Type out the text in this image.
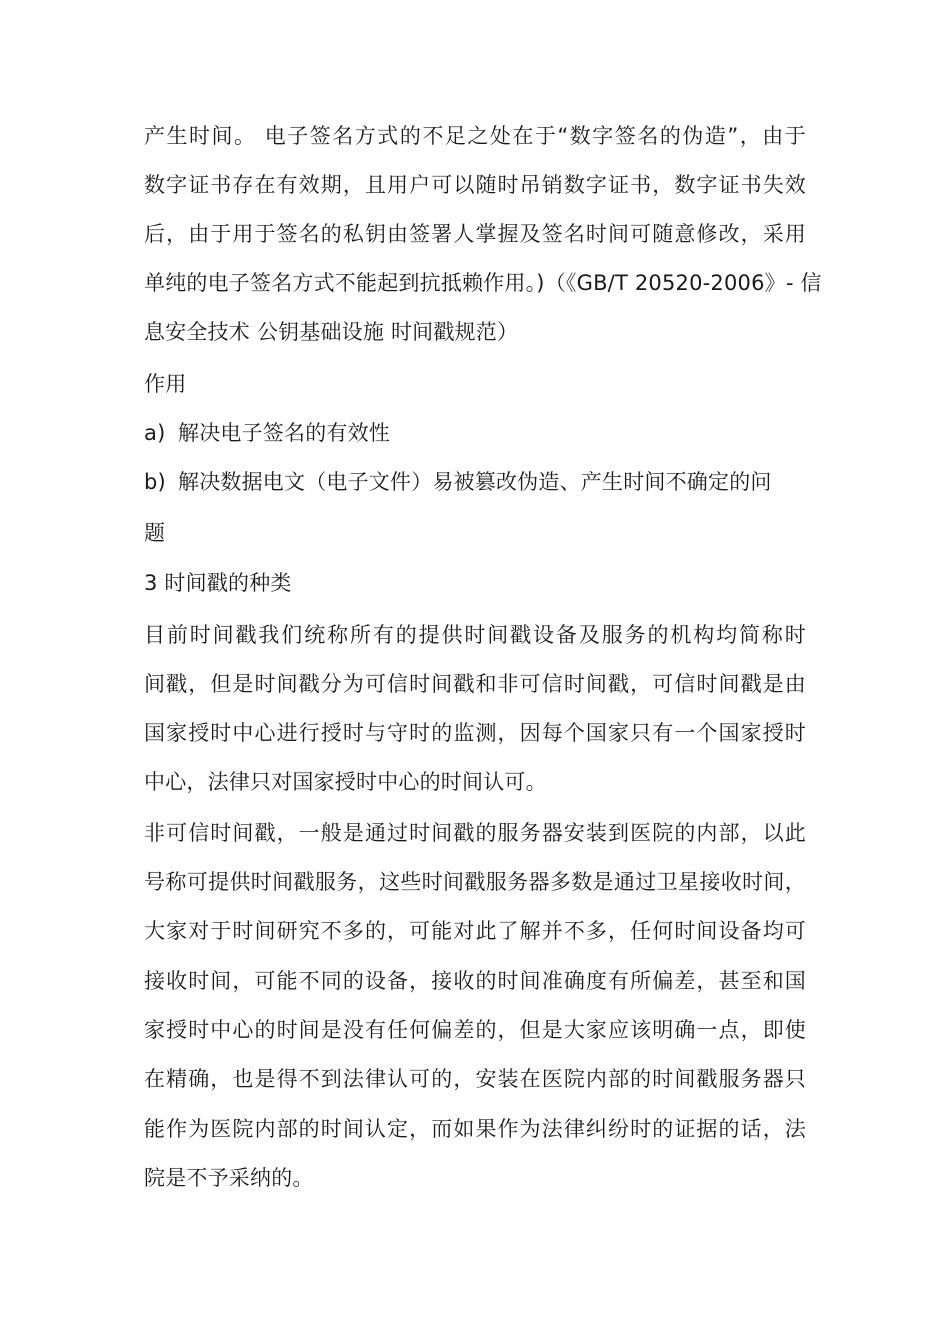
产生时间。 电子签名方式的不足之处在于“数字签名的伪造”，由于
数字证书存在有效期，且用户可以随时吊销数字证书，数字证书失效
后，由于用于签名的私钥由签署人掌握及签名时间可随意修改，采用
单纯的电子签名方式不能起到抗抵赖作用。)（《GB/T 20520-2006》- 信
息安全技术 公钥基础设施 时间戳规范）
作用
a) 解决电子签名的有效性
b) 解决数据电文（电子文件）易被篡改伪造、产生时间不确定的问
题
3 时间戳的种类
目前时间戳我们统称所有的提供时间戳设备及服务的机构均简称时
间戳，但是时间戳分为可信时间戳和非可信时间戳，可信时间戳是由
国家授时中心进行授时与守时的监测，因每个国家只有一个国家授时
中心，法律只对国家授时中心的时间认可。
非可信时间戳，一般是通过时间戳的服务器安装到医院的内部，以此
号称可提供时间戳服务，这些时间戳服务器多数是通过卫星接收时间，
大家对于时间研究不多的，可能对此了解并不多，任何时间设备均可
接收时间，可能不同的设备，接收的时间准确度有所偏差，甚至和国
家授时中心的时间是没有任何偏差的，但是大家应该明确一点，即使
在精确，也是得不到法律认可的，安装在医院内部的时间戳服务器只
能作为医院内部的时间认定，而如果作为法律纠纷时的证据的话，法
院是不予采纳的。
